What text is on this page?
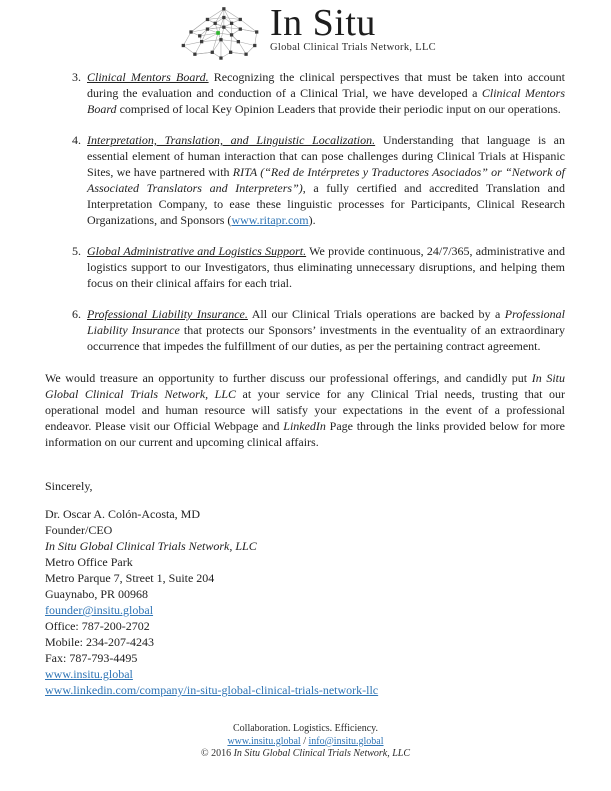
In Situ
Global Clinical Trials Network, LLC
3. Clinical Mentors Board. Recognizing the clinical perspectives that must be taken into account during the evaluation and conduction of a Clinical Trial, we have developed a Clinical Mentors Board comprised of local Key Opinion Leaders that provide their periodic input on our operations.
4. Interpretation, Translation, and Linguistic Localization. Understanding that language is an essential element of human interaction that can pose challenges during Clinical Trials at Hispanic Sites, we have partnered with RITA (“Red de Intérpretes y Traductores Asociados” or “Network of Associated Translators and Interpreters”), a fully certified and accredited Translation and Interpretation Company, to ease these linguistic processes for Participants, Clinical Research Organizations, and Sponsors (www.ritapr.com).
5. Global Administrative and Logistics Support. We provide continuous, 24/7/365, administrative and logistics support to our Investigators, thus eliminating unnecessary disruptions, and helping them focus on their clinical affairs for each trial.
6. Professional Liability Insurance. All our Clinical Trials operations are backed by a Professional Liability Insurance that protects our Sponsors’ investments in the eventuality of an extraordinary occurrence that impedes the fulfillment of our duties, as per the pertaining contract agreement.

We would treasure an opportunity to further discuss our professional offerings, and candidly put In Situ Global Clinical Trials Network, LLC at your service for any Clinical Trial needs, trusting that our operational model and human resource will satisfy your expectations in the event of a professional endeavor. Please visit our Official Webpage and LinkedIn Page through the links provided below for more information on our current and upcoming clinical affairs.

Sincerely,

Dr. Oscar A. Colón-Acosta, MD
Founder/CEO
In Situ Global Clinical Trials Network, LLC
Metro Office Park
Metro Parque 7, Street 1, Suite 204
Guaynabo, PR 00968
founder@insitu.global
Office: 787-200-2702
Mobile: 234-207-4243
Fax: 787-793-4495
www.insitu.global
www.linkedin.com/company/in-situ-global-clinical-trials-network-llc
Collaboration. Logistics. Efficiency.
www.insitu.global / info@insitu.global
© 2016 In Situ Global Clinical Trials Network, LLC
